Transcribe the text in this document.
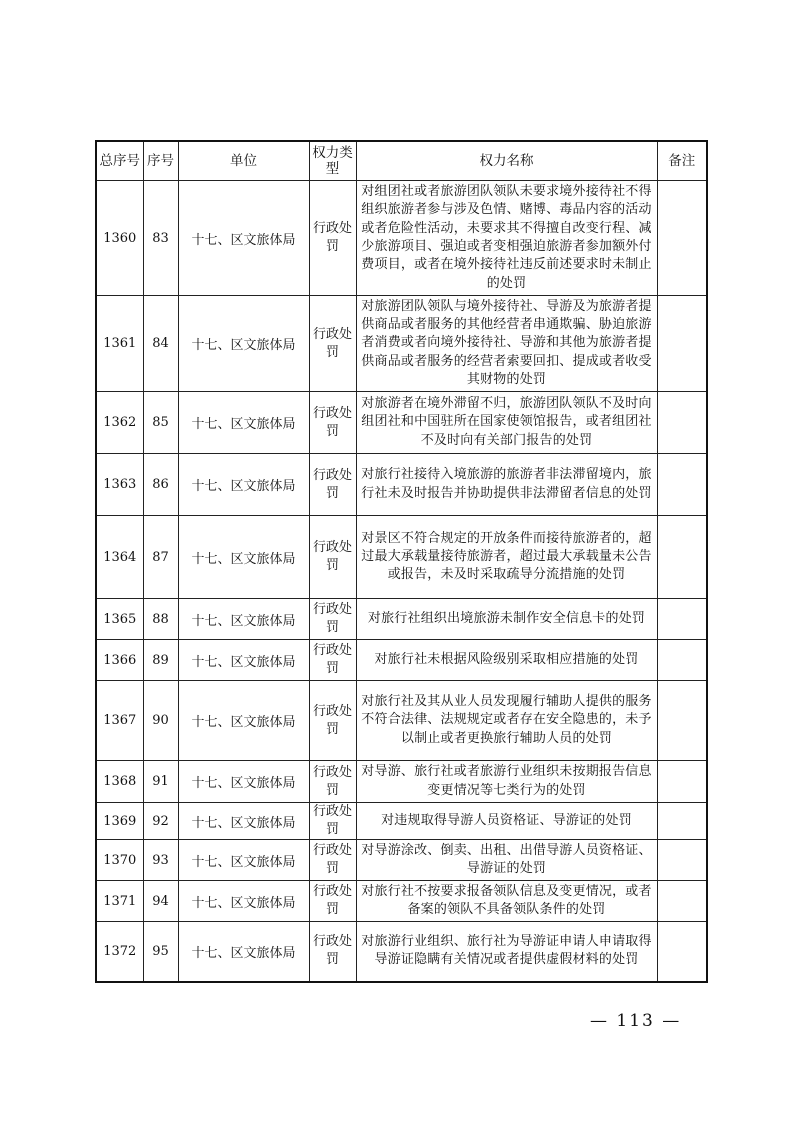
总序号	序号	单位	权力类型	权力名称	备注
1360	83	十七、区文旅体局	行政处罚	对组团社或者旅游团队领队未要求境外接待社不得组织旅游者参与涉及色情、赌博、毒品内容的活动或者危险性活动，未要求其不得擅自改变行程、减少旅游项目、强迫或者变相强迫旅游者参加额外付费项目，或者在境外接待社违反前述要求时未制止的处罚	
1361	84	十七、区文旅体局	行政处罚	对旅游团队领队与境外接待社、导游及为旅游者提供商品或者服务的其他经营者串通欺骗、胁迫旅游者消费或者向境外接待社、导游和其他为旅游者提供商品或者服务的经营者索要回扣、提成或者收受其财物的处罚	
1362	85	十七、区文旅体局	行政处罚	对旅游者在境外滞留不归，旅游团队领队不及时向组团社和中国驻所在国家使领馆报告，或者组团社不及时向有关部门报告的处罚	
1363	86	十七、区文旅体局	行政处罚	对旅行社接待入境旅游的旅游者非法滞留境内，旅行社未及时报告并协助提供非法滞留者信息的处罚	
1364	87	十七、区文旅体局	行政处罚	对景区不符合规定的开放条件而接待旅游者的，超过最大承载量接待旅游者，超过最大承载量未公告或报告，未及时采取疏导分流措施的处罚	
1365	88	十七、区文旅体局	行政处罚	对旅行社组织出境旅游未制作安全信息卡的处罚	
1366	89	十七、区文旅体局	行政处罚	对旅行社未根据风险级别采取相应措施的处罚	
1367	90	十七、区文旅体局	行政处罚	对旅行社及其从业人员发现履行辅助人提供的服务不符合法律、法规规定或者存在安全隐患的，未予以制止或者更换旅行辅助人员的处罚	
1368	91	十七、区文旅体局	行政处罚	对导游、旅行社或者旅游行业组织未按期报告信息变更情况等七类行为的处罚	
1369	92	十七、区文旅体局	行政处罚	对违规取得导游人员资格证、导游证的处罚	
1370	93	十七、区文旅体局	行政处罚	对导游涂改、倒卖、出租、出借导游人员资格证、导游证的处罚	
1371	94	十七、区文旅体局	行政处罚	对旅行社不按要求报备领队信息及变更情况，或者备案的领队不具备领队条件的处罚	
1372	95	十七、区文旅体局	行政处罚	对旅游行业组织、旅行社为导游证申请人申请取得导游证隐瞒有关情况或者提供虚假材料的处罚	
— 113 —
